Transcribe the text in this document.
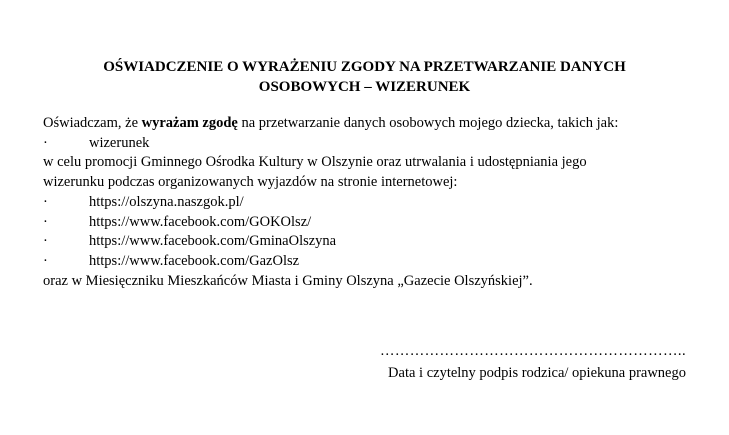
OŚWIADCZENIE O WYRAŻENIU ZGODY NA PRZETWARZANIE DANYCH
OSOBOWYCH – WIZERUNEK
Oświadczam, że wyrażam zgodę na przetwarzanie danych osobowych mojego dziecka, takich jak:
·	wizerunek
w celu promocji Gminnego Ośrodka Kultury w Olszynie oraz utrwalania i udostępniania jego
wizerunku podczas organizowanych wyjazdów na stronie internetowej:
·	https://olszyna.naszgok.pl/
·	https://www.facebook.com/GOKOlsz/
·	https://www.facebook.com/GminaOlszyna
·	https://www.facebook.com/GazOlsz
oraz w Miesięczniku Mieszkańców Miasta i Gminy Olszyna „Gazecie Olszyńskiej”.
……………………………………………………..
Data i czytelny podpis rodzica/ opiekuna prawnego
